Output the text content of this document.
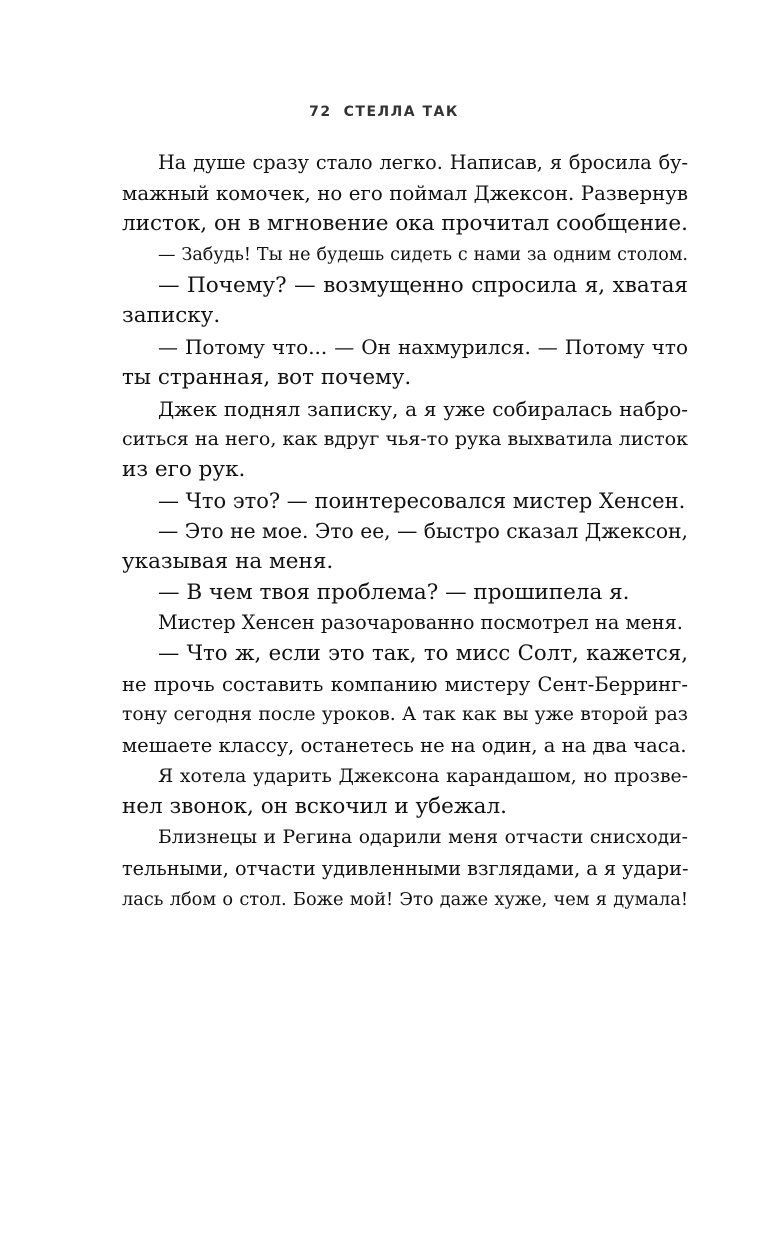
72 СТЕЛЛА ТАК
На душе сразу стало легко. Написав, я бросила бу-
мажный комочек, но его поймал Джексон. Развернув
листок, он в мгновение ока прочитал сообщение.
— Забудь! Ты не будешь сидеть с нами за одним столом.
— Почему? — возмущенно спросила я, хватая
записку.
— Потому что... — Он нахмурился. — Потому что
ты странная, вот почему.
Джек поднял записку, а я уже собиралась набро-
ситься на него, как вдруг чья-то рука выхватила листок
из его рук.
— Что это? — поинтересовался мистер Хенсен.
— Это не мое. Это ее, — быстро сказал Джексон,
указывая на меня.
— В чем твоя проблема? — прошипела я.
Мистер Хенсен разочарованно посмотрел на меня.
— Что ж, если это так, то мисс Солт, кажется,
не прочь составить компанию мистеру Сент-Берринг-
тону сегодня после уроков. А так как вы уже второй раз
мешаете классу, останетесь не на один, а на два часа.
Я хотела ударить Джексона карандашом, но прозве-
нел звонок, он вскочил и убежал.
Близнецы и Регина одарили меня отчасти снисходи-
тельными, отчасти удивленными взглядами, а я удари-
лась лбом о стол. Боже мой! Это даже хуже, чем я думала!
